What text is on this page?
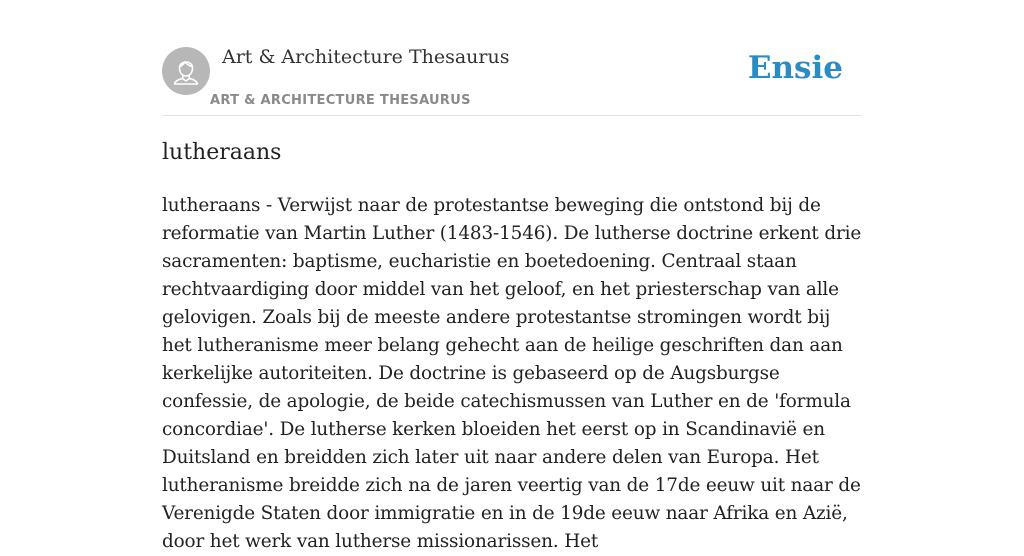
Art & Architecture Thesaurus
ART & ARCHITECTURE THESAURUS
Ensie
lutheraans

lutheraans - Verwijst naar de protestantse beweging die ontstond bij de reformatie van Martin Luther (1483-1546). De lutherse doctrine erkent drie sacramenten: baptisme, eucharistie en boetedoening. Centraal staan rechtvaardiging door middel van het geloof, en het priesterschap van alle gelovigen. Zoals bij de meeste andere protestantse stromingen wordt bij het lutheranisme meer belang gehecht aan de heilige geschriften dan aan kerkelijke autoriteiten. De doctrine is gebaseerd op de Augsburgse confessie, de apologie, de beide catechismussen van Luther en de 'formula concordiae'. De lutherse kerken bloeiden het eerst op in Scandinavië en Duitsland en breidden zich later uit naar andere delen van Europa. Het lutheranisme breidde zich na de jaren veertig van de 17de eeuw uit naar de Verenigde Staten door immigratie en in de 19de eeuw naar Afrika en Azië, door het werk van lutherse missionarissen. Het
